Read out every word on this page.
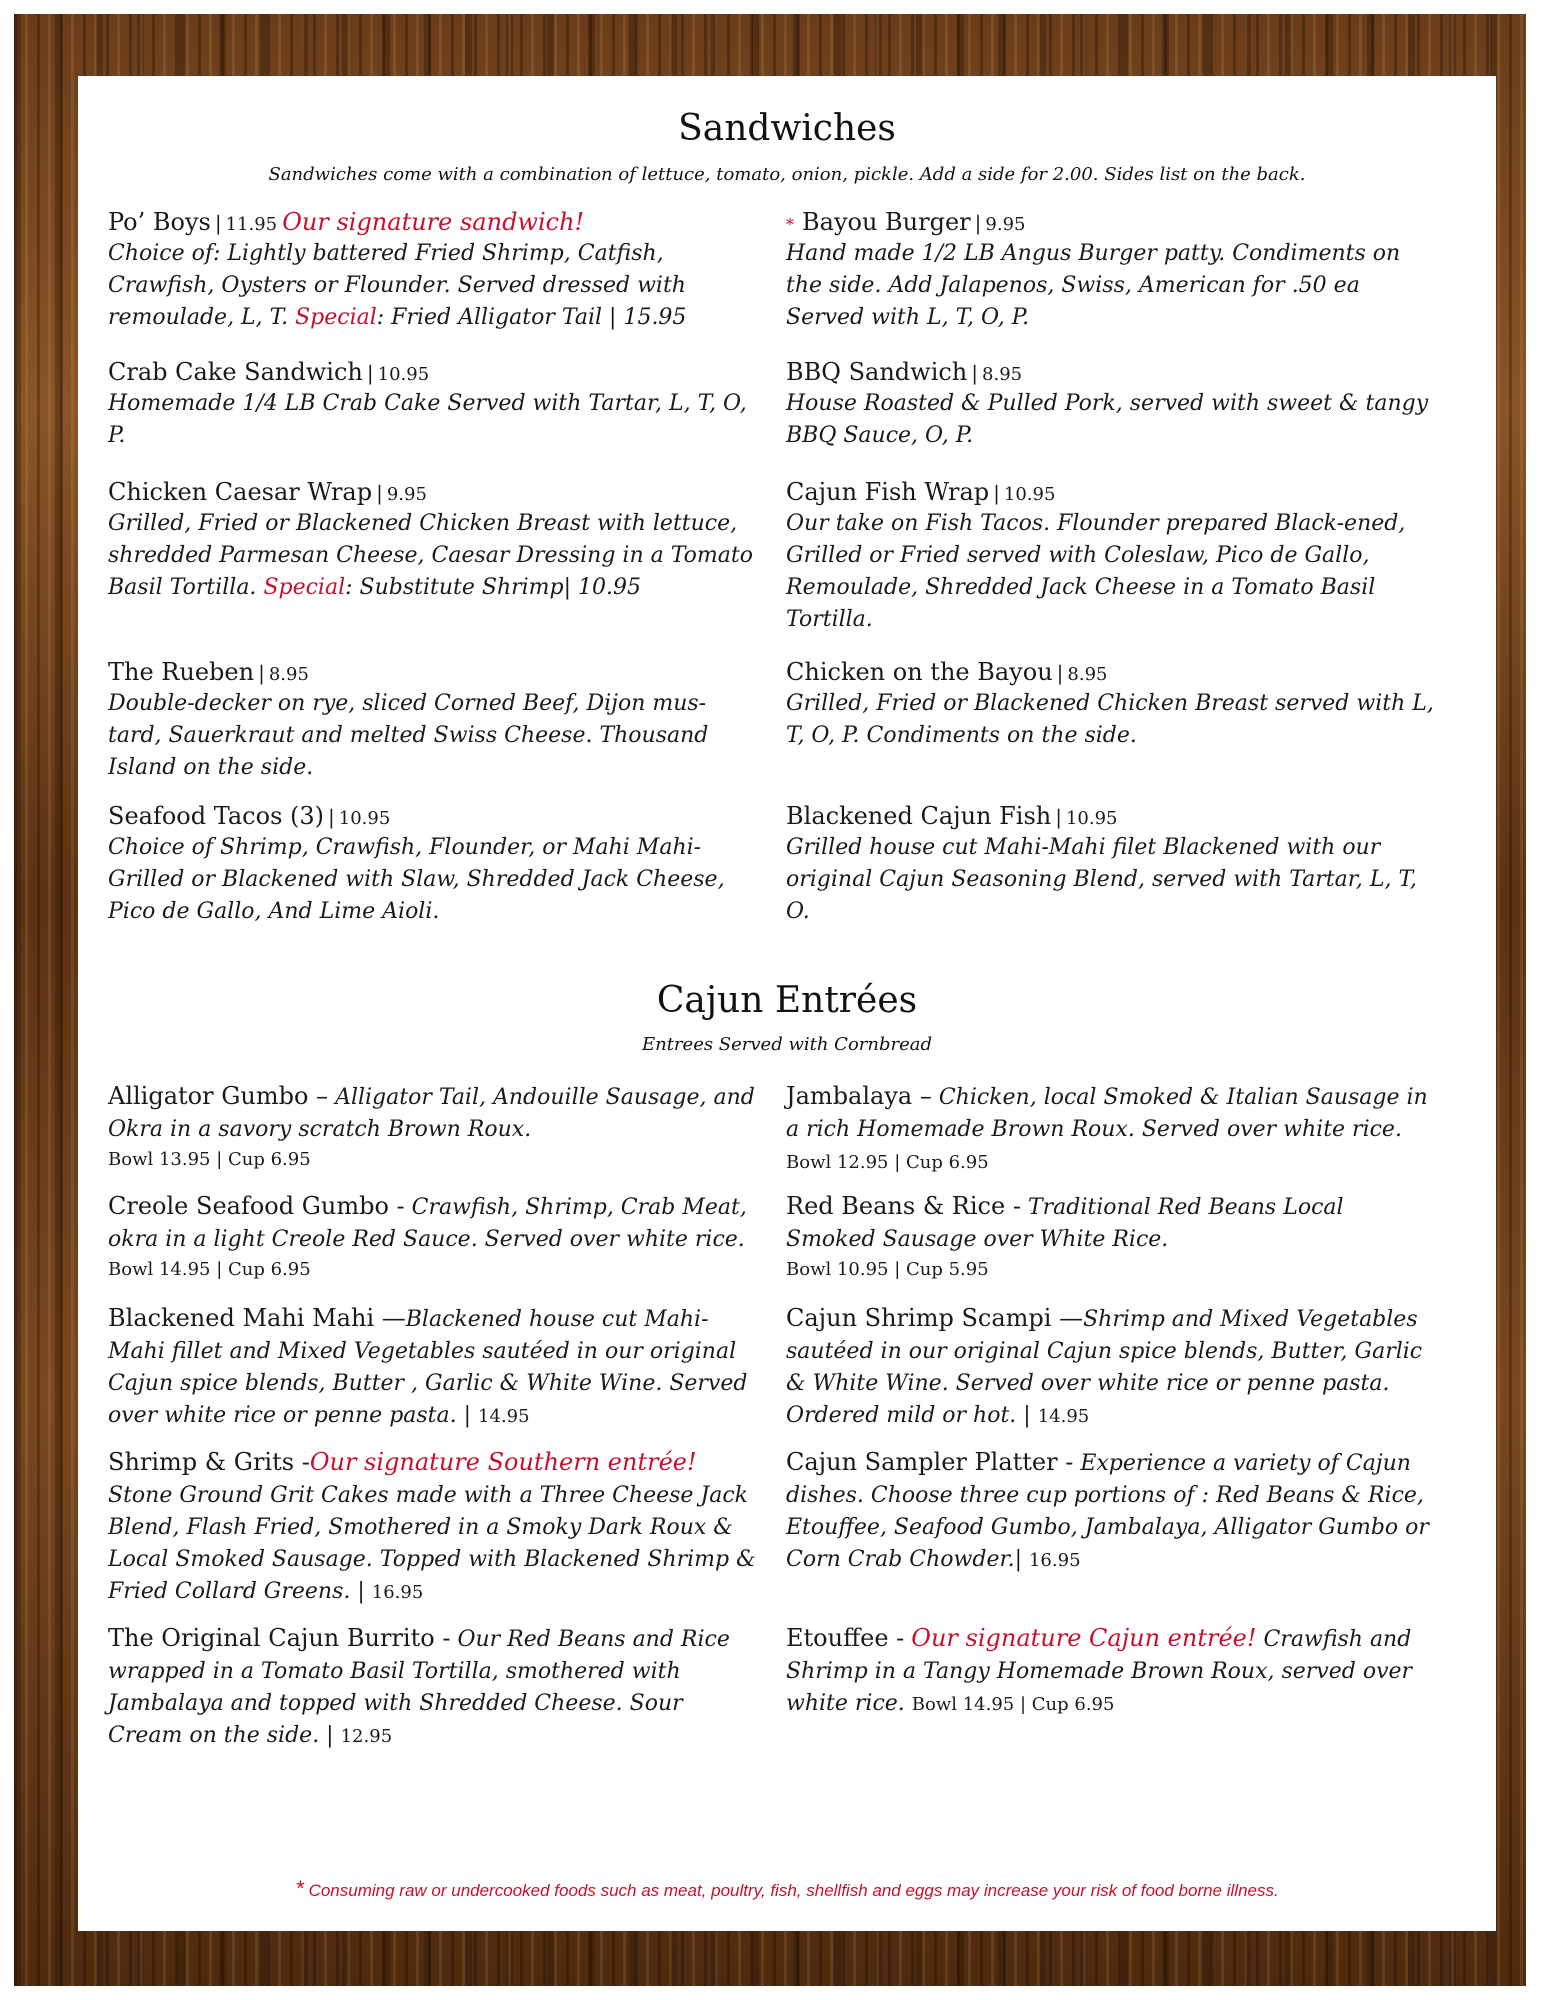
Sandwiches
Sandwiches come with a combination of lettuce, tomato, onion, pickle. Add a side for 2.00. Sides list on the back.
Po’ Boys | 11.95 Our signature sandwich!
Choice of: Lightly battered Fried Shrimp, Catfish, Crawfish, Oysters or Flounder. Served dressed with remoulade, L, T. Special: Fried Alligator Tail | 15.95
* Bayou Burger | 9.95
Hand made 1/2 LB Angus Burger patty. Condiments on the side. Add Jalapenos, Swiss, American for .50 ea Served with L, T, O, P.
Crab Cake Sandwich | 10.95
Homemade 1/4 LB Crab Cake Served with Tartar, L, T, O, P.
BBQ Sandwich | 8.95
House Roasted & Pulled Pork, served with sweet & tangy BBQ Sauce, O, P.
Chicken Caesar Wrap | 9.95
Grilled, Fried or Blackened Chicken Breast with lettuce, shredded Parmesan Cheese, Caesar Dressing in a Tomato Basil Tortilla. Special: Substitute Shrimp| 10.95
Cajun Fish Wrap | 10.95
Our take on Fish Tacos. Flounder prepared Black-ened, Grilled or Fried served with Coleslaw, Pico de Gallo, Remoulade, Shredded Jack Cheese in a Tomato Basil Tortilla.
The Rueben | 8.95
Double-decker on rye, sliced Corned Beef, Dijon mus-tard, Sauerkraut and melted Swiss Cheese. Thousand Island on the side.
Chicken on the Bayou | 8.95
Grilled, Fried or Blackened Chicken Breast served with L, T, O, P. Condiments on the side.
Seafood Tacos (3) | 10.95
Choice of Shrimp, Crawfish, Flounder, or Mahi Mahi-Grilled or Blackened with Slaw, Shredded Jack Cheese, Pico de Gallo, And Lime Aioli.
Blackened Cajun Fish | 10.95
Grilled house cut Mahi-Mahi filet Blackened with our original Cajun Seasoning Blend, served with Tartar, L, T, O.
Cajun Entrées
Entrees Served with Cornbread
Alligator Gumbo – Alligator Tail, Andouille Sausage, and Okra in a savory scratch Brown Roux.
Bowl 13.95 | Cup 6.95
Jambalaya – Chicken, local Smoked & Italian Sausage in a rich Homemade Brown Roux. Served over white rice. Bowl 12.95 | Cup 6.95
Creole Seafood Gumbo - Crawfish, Shrimp, Crab Meat, okra in a light Creole Red Sauce. Served over white rice.
Bowl 14.95 | Cup 6.95
Red Beans & Rice - Traditional Red Beans Local Smoked Sausage over White Rice.
Bowl 10.95 | Cup 5.95
Blackened Mahi Mahi —Blackened house cut Mahi-Mahi fillet and Mixed Vegetables sautéed in our original Cajun spice blends, Butter , Garlic & White Wine. Served over white rice or penne pasta. | 14.95
Cajun Shrimp Scampi —Shrimp and Mixed Vegetables sautéed in our original Cajun spice blends, Butter, Garlic & White Wine. Served over white rice or penne pasta. Ordered mild or hot. | 14.95
Shrimp & Grits -Our signature Southern entrée! Stone Ground Grit Cakes made with a Three Cheese Jack Blend, Flash Fried, Smothered in a Smoky Dark Roux & Local Smoked Sausage. Topped with Blackened Shrimp & Fried Collard Greens. | 16.95
Cajun Sampler Platter - Experience a variety of Cajun dishes. Choose three cup portions of : Red Beans & Rice, Etouffee, Seafood Gumbo, Jambalaya, Alligator Gumbo or Corn Crab Chowder.| 16.95
The Original Cajun Burrito - Our Red Beans and Rice wrapped in a Tomato Basil Tortilla, smothered with Jambalaya and topped with Shredded Cheese. Sour Cream on the side. | 12.95
Etouffee - Our signature Cajun entrée! Crawfish and Shrimp in a Tangy Homemade Brown Roux, served over white rice. Bowl 14.95 | Cup 6.95
* Consuming raw or undercooked foods such as meat, poultry, fish, shellfish and eggs may increase your risk of food borne illness.
